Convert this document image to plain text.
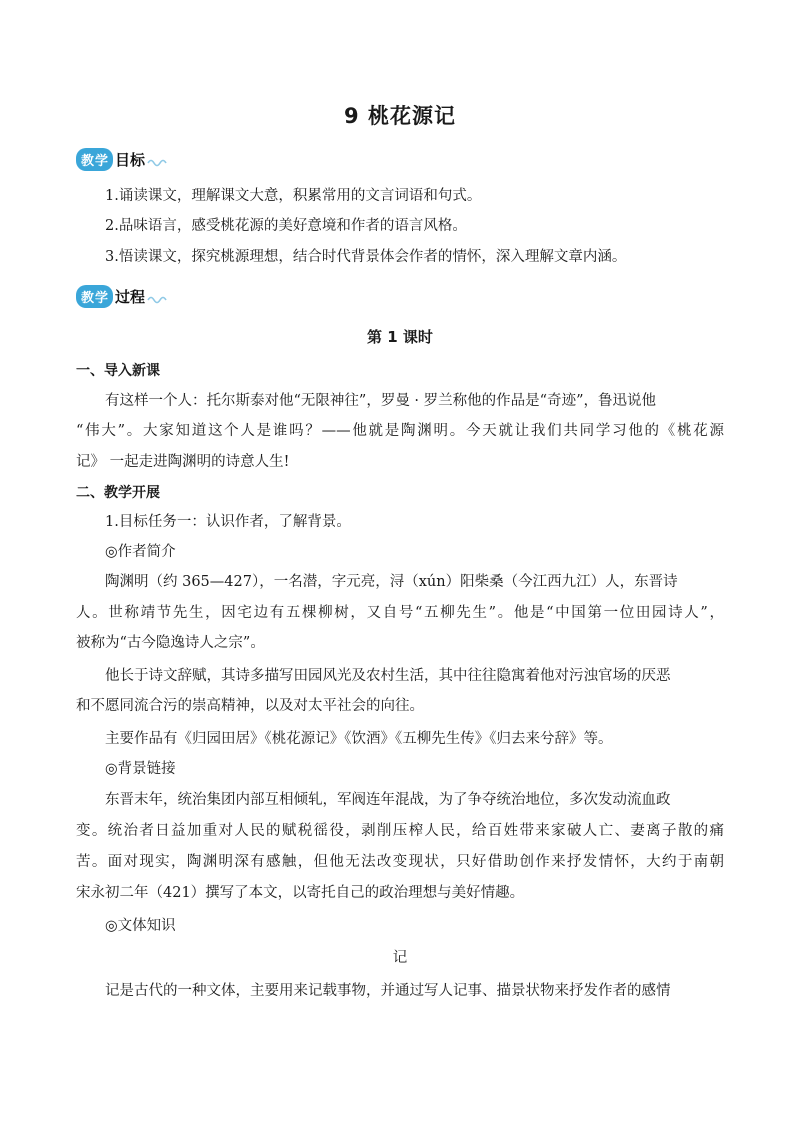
9 桃花源记
教学 目标
1.诵读课文，理解课文大意，积累常用的文言词语和句式。
2.品味语言，感受桃花源的美好意境和作者的语言风格。
3.悟读课文，探究桃源理想，结合时代背景体会作者的情怀，深入理解文章内涵。
教学 过程
第 1 课时
一、导入新课
有这样一个人：托尔斯泰对他“无限神往”，罗曼 · 罗兰称他的作品是“奇迹”，鲁迅说他
“伟大”。大家知道这个人是谁吗？——他就是陶渊明。今天就让我们共同学习他的《桃花源
记》 一起走进陶渊明的诗意人生!
二、教学开展
1.目标任务一：认识作者，了解背景。
◎作者简介
陶渊明（约 365—427），一名潜，字元亮，浔（xún）阳柴桑（今江西九江）人，东晋诗
人。世称靖节先生，因宅边有五棵柳树，又自号“五柳先生”。他是“中国第一位田园诗人”，
被称为“古今隐逸诗人之宗”。
他长于诗文辞赋，其诗多描写田园风光及农村生活，其中往往隐寓着他对污浊官场的厌恶
和不愿同流合污的崇高精神，以及对太平社会的向往。
主要作品有《归园田居》《桃花源记》《饮酒》《五柳先生传》《归去来兮辞》等。
◎背景链接
东晋末年，统治集团内部互相倾轧，军阀连年混战，为了争夺统治地位，多次发动流血政
变。统治者日益加重对人民的赋税徭役，剥削压榨人民，给百姓带来家破人亡、妻离子散的痛
苦。面对现实，陶渊明深有感触，但他无法改变现状，只好借助创作来抒发情怀，大约于南朝
宋永初二年（421）撰写了本文，以寄托自己的政治理想与美好情趣。
◎文体知识
记
记是古代的一种文体，主要用来记载事物，并通过写人记事、描景状物来抒发作者的感情
